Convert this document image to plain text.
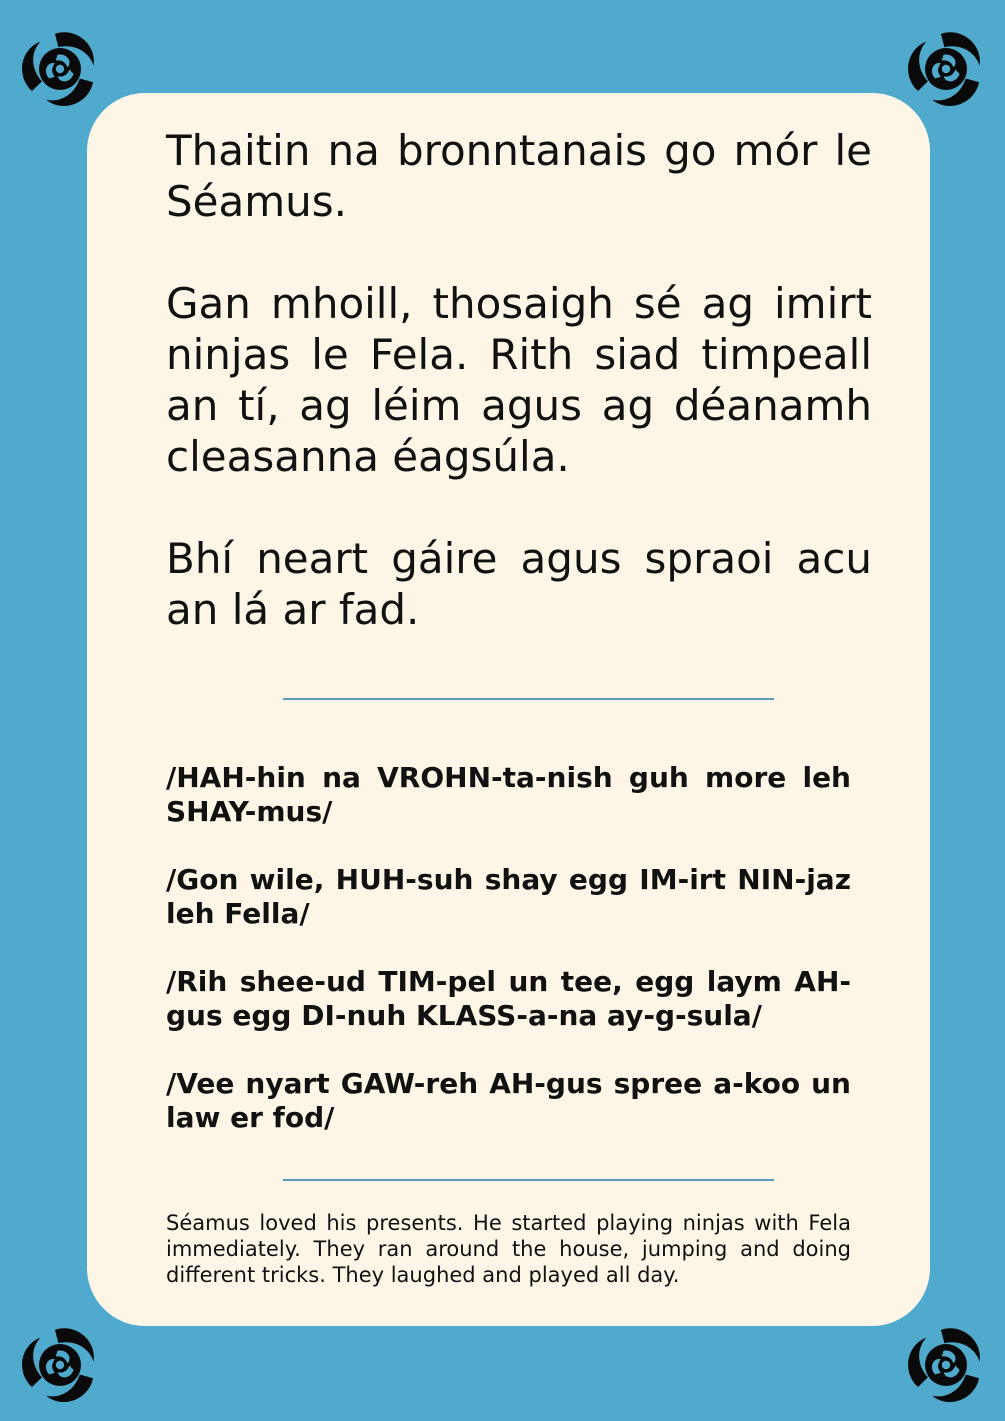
Thaitin na bronntanais go mór le Séamus.

Gan mhoill, thosaigh sé ag imirt ninjas le Fela. Rith siad timpeall an tí, ag léim agus ag déanamh cleasanna éagsúla.

Bhí neart gáire agus spraoi acu an lá ar fad.

/HAH-hin na VROHN-ta-nish guh more leh SHAY-mus/

/Gon wile, HUH-suh shay egg IM-irt NIN-jaz leh Fella/

/Rih shee-ud TIM-pel un tee, egg laym AH-gus egg DI-nuh KLASS-a-na ay-g-sula/

/Vee nyart GAW-reh AH-gus spree a-koo un law er fod/

Séamus loved his presents. He started playing ninjas with Fela immediately. They ran around the house, jumping and doing different tricks. They laughed and played all day.
